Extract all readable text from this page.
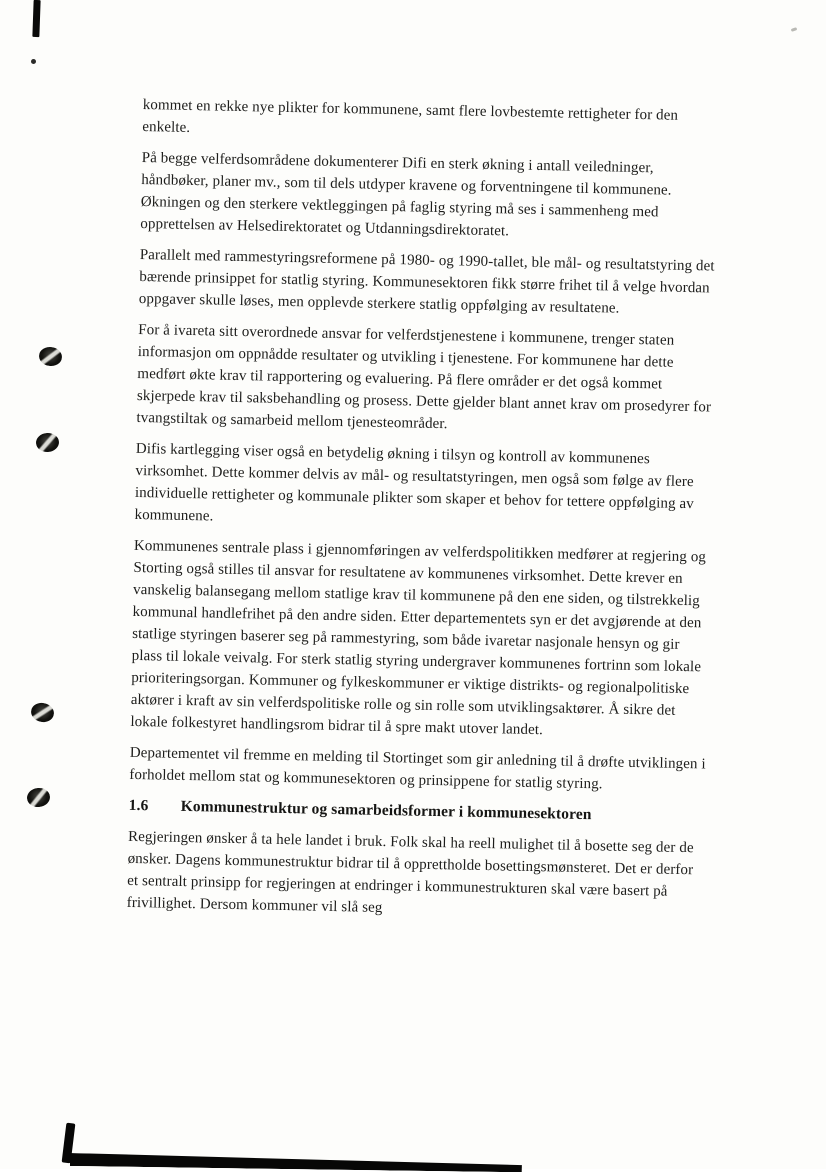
kommet en rekke nye plikter for kommunene, samt flere lovbestemte rettigheter for den enkelte.

På begge velferdsområdene dokumenterer Difi en sterk økning i antall veiledninger, håndbøker, planer mv., som til dels utdyper kravene og forventningene til kommunene. Økningen og den sterkere vektleggingen på faglig styring må ses i sammenheng med opprettelsen av Helsedirektoratet og Utdanningsdirektoratet.

Parallelt med rammestyringsreformene på 1980- og 1990-tallet, ble mål- og resultatstyring det bærende prinsippet for statlig styring. Kommunesektoren fikk større frihet til å velge hvordan oppgaver skulle løses, men opplevde sterkere statlig oppfølging av resultatene.

For å ivareta sitt overordnede ansvar for velferdstjenestene i kommunene, trenger staten informasjon om oppnådde resultater og utvikling i tjenestene. For kommunene har dette medført økte krav til rapportering og evaluering. På flere områder er det også kommet skjerpede krav til saksbehandling og prosess. Dette gjelder blant annet krav om prosedyrer for tvangstiltak og samarbeid mellom tjenesteområder.

Difis kartlegging viser også en betydelig økning i tilsyn og kontroll av kommunenes virksomhet. Dette kommer delvis av mål- og resultatstyringen, men også som følge av flere individuelle rettigheter og kommunale plikter som skaper et behov for tettere oppfølging av kommunene.

Kommunenes sentrale plass i gjennomføringen av velferdspolitikken medfører at regjering og Storting også stilles til ansvar for resultatene av kommunenes virksomhet. Dette krever en vanskelig balansegang mellom statlige krav til kommunene på den ene siden, og tilstrekkelig kommunal handlefrihet på den andre siden. Etter departementets syn er det avgjørende at den statlige styringen baserer seg på rammestyring, som både ivaretar nasjonale hensyn og gir plass til lokale veivalg. For sterk statlig styring undergraver kommunenes fortrinn som lokale prioriteringsorgan. Kommuner og fylkeskommuner er viktige distrikts- og regionalpolitiske aktører i kraft av sin velferdspolitiske rolle og sin rolle som utviklingsaktører. Å sikre det lokale folkestyret handlingsrom bidrar til å spre makt utover landet.

Departementet vil fremme en melding til Stortinget som gir anledning til å drøfte utviklingen i forholdet mellom stat og kommunesektoren og prinsippene for statlig styring.

1.6	Kommunestruktur og samarbeidsformer i kommunesektoren

Regjeringen ønsker å ta hele landet i bruk. Folk skal ha reell mulighet til å bosette seg der de ønsker. Dagens kommunestruktur bidrar til å opprettholde bosettingsmønsteret. Det er derfor et sentralt prinsipp for regjeringen at endringer i kommunestrukturen skal være basert på frivillighet. Dersom kommuner vil slå seg
